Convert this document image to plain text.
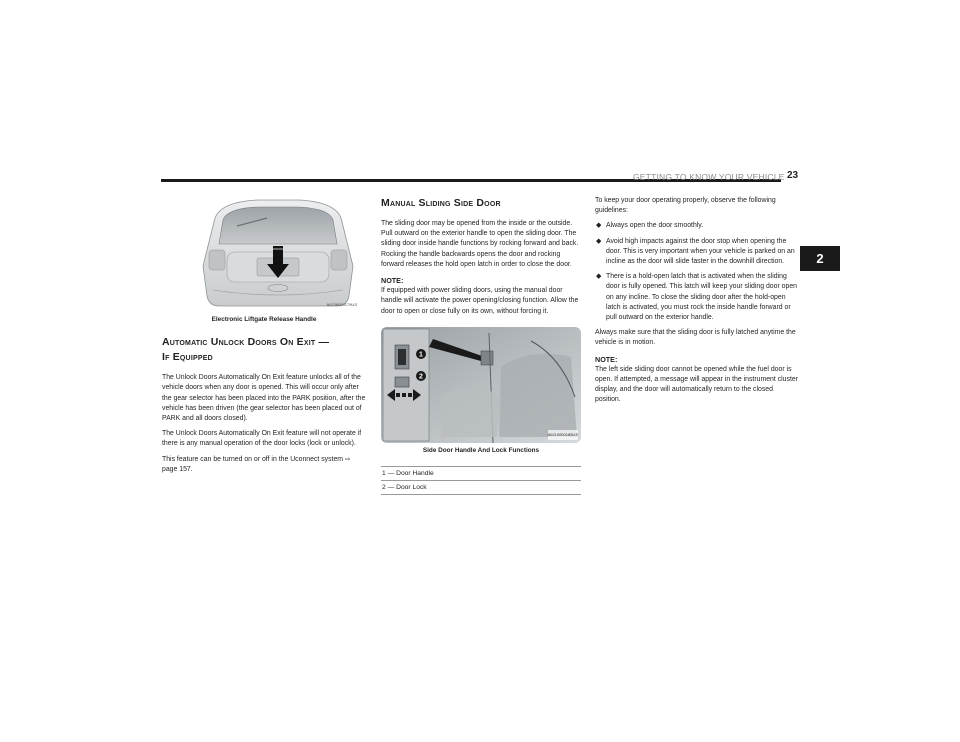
GETTING TO KNOW YOUR VEHICLE 23
2
A0238000179US
Electronic Liftgate Release Handle
Automatic Unlock Doors On Exit —
If Equipped

The Unlock Doors Automatically On Exit feature unlocks all of the vehicle doors when any door is opened. This will occur only after the gear selector has been placed into the PARK position, after the vehicle has been driven (the gear selector has been placed out of PARK and all doors closed).

The Unlock Doors Automatically On Exit feature will not operate if there is any manual operation of the door locks (lock or unlock).

This feature can be turned on or off in the Uconnect system ⇨ page 157.

Manual Sliding Side Door

The sliding door may be opened from the inside or the outside. Pull outward on the exterior handle to open the sliding door. The sliding door inside handle functions by rocking forward and back. Rocking the handle backwards opens the door and rocking forward releases the hold open latch in order to close the door.

NOTE:

If equipped with power sliding doors, using the manual door handle will activate the power opening/closing function. Allow the door to open or close fully on its own, without forcing it.

1
2
A0210000185US
Side Door Handle And Lock Functions
1 — Door Handle
2 — Door Lock

To keep your door operating properly, observe the following guidelines:

◆ Always open the door smoothly.
◆ Avoid high impacts against the door stop when opening the door. This is very important when your vehicle is parked on an incline as the door will slide faster in the downhill direction.
◆ There is a hold-open latch that is activated when the sliding door is fully opened. This latch will keep your sliding door open on any incline. To close the sliding door after the hold-open latch is activated, you must rock the inside handle forward or pull outward on the exterior handle.

Always make sure that the sliding door is fully latched anytime the vehicle is in motion.

NOTE:

The left side sliding door cannot be opened while the fuel door is open. If attempted, a message will appear in the instrument cluster display, and the door will automatically return to the closed position.
